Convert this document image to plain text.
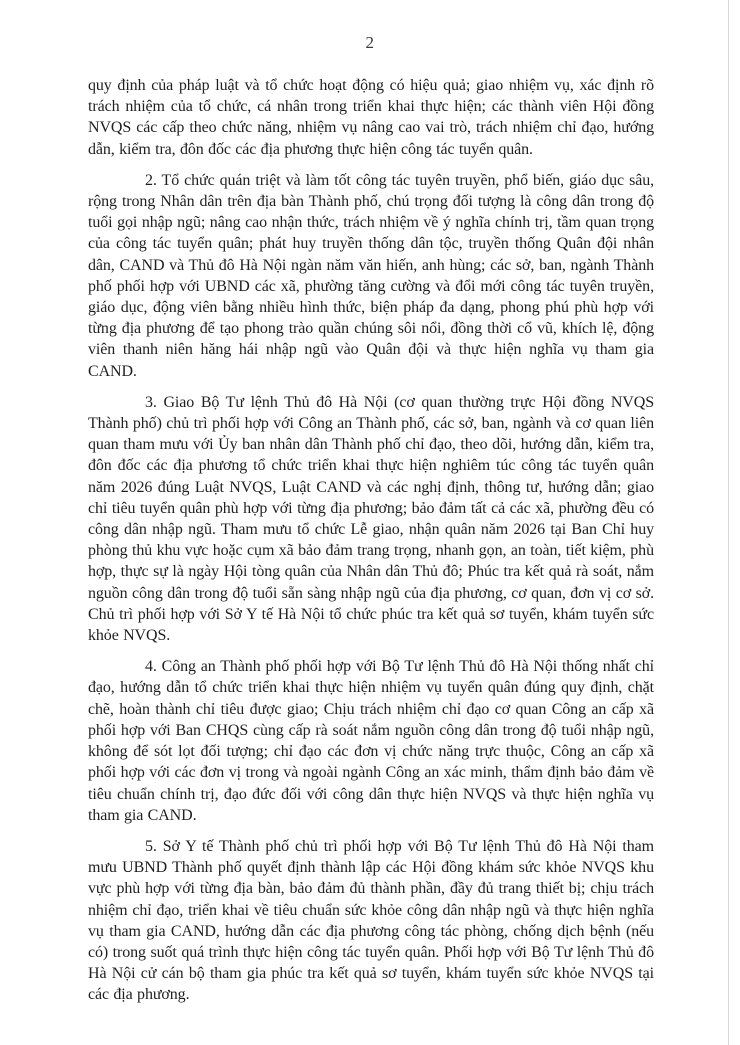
2

quy định của pháp luật và tổ chức hoạt động có hiệu quả; giao nhiệm vụ, xác định rõ trách nhiệm của tổ chức, cá nhân trong triển khai thực hiện; các thành viên Hội đồng NVQS các cấp theo chức năng, nhiệm vụ nâng cao vai trò, trách nhiệm chỉ đạo, hướng dẫn, kiểm tra, đôn đốc các địa phương thực hiện công tác tuyển quân.

2. Tổ chức quán triệt và làm tốt công tác tuyên truyền, phổ biến, giáo dục sâu, rộng trong Nhân dân trên địa bàn Thành phố, chú trọng đối tượng là công dân trong độ tuổi gọi nhập ngũ; nâng cao nhận thức, trách nhiệm về ý nghĩa chính trị, tầm quan trọng của công tác tuyển quân; phát huy truyền thống dân tộc, truyền thống Quân đội nhân dân, CAND và Thủ đô Hà Nội ngàn năm văn hiến, anh hùng; các sở, ban, ngành Thành phố phối hợp với UBND các xã, phường tăng cường và đổi mới công tác tuyên truyền, giáo dục, động viên bằng nhiều hình thức, biện pháp đa dạng, phong phú phù hợp với từng địa phương để tạo phong trào quần chúng sôi nổi, đồng thời cổ vũ, khích lệ, động viên thanh niên hăng hái nhập ngũ vào Quân đội và thực hiện nghĩa vụ tham gia CAND.

3. Giao Bộ Tư lệnh Thủ đô Hà Nội (cơ quan thường trực Hội đồng NVQS Thành phố) chủ trì phối hợp với Công an Thành phố, các sở, ban, ngành và cơ quan liên quan tham mưu với Ủy ban nhân dân Thành phố chỉ đạo, theo dõi, hướng dẫn, kiểm tra, đôn đốc các địa phương tổ chức triển khai thực hiện nghiêm túc công tác tuyển quân năm 2026 đúng Luật NVQS, Luật CAND và các nghị định, thông tư, hướng dẫn; giao chỉ tiêu tuyển quân phù hợp với từng địa phương; bảo đảm tất cả các xã, phường đều có công dân nhập ngũ. Tham mưu tổ chức Lễ giao, nhận quân năm 2026 tại Ban Chỉ huy phòng thủ khu vực hoặc cụm xã bảo đảm trang trọng, nhanh gọn, an toàn, tiết kiệm, phù hợp, thực sự là ngày Hội tòng quân của Nhân dân Thủ đô; Phúc tra kết quả rà soát, nắm nguồn công dân trong độ tuổi sẵn sàng nhập ngũ của địa phương, cơ quan, đơn vị cơ sở. Chủ trì phối hợp với Sở Y tế Hà Nội tổ chức phúc tra kết quả sơ tuyển, khám tuyển sức khỏe NVQS.

4. Công an Thành phố phối hợp với Bộ Tư lệnh Thủ đô Hà Nội thống nhất chỉ đạo, hướng dẫn tổ chức triển khai thực hiện nhiệm vụ tuyển quân đúng quy định, chặt chẽ, hoàn thành chỉ tiêu được giao; Chịu trách nhiệm chỉ đạo cơ quan Công an cấp xã phối hợp với Ban CHQS cùng cấp rà soát nắm nguồn công dân trong độ tuổi nhập ngũ, không để sót lọt đối tượng; chỉ đạo các đơn vị chức năng trực thuộc, Công an cấp xã phối hợp với các đơn vị trong và ngoài ngành Công an xác minh, thẩm định bảo đảm về tiêu chuẩn chính trị, đạo đức đối với công dân thực hiện NVQS và thực hiện nghĩa vụ tham gia CAND.

5. Sở Y tế Thành phố chủ trì phối hợp với Bộ Tư lệnh Thủ đô Hà Nội tham mưu UBND Thành phố quyết định thành lập các Hội đồng khám sức khỏe NVQS khu vực phù hợp với từng địa bàn, bảo đảm đủ thành phần, đầy đủ trang thiết bị; chịu trách nhiệm chỉ đạo, triển khai về tiêu chuẩn sức khỏe công dân nhập ngũ và thực hiện nghĩa vụ tham gia CAND, hướng dẫn các địa phương công tác phòng, chống dịch bệnh (nếu có) trong suốt quá trình thực hiện công tác tuyển quân. Phối hợp với Bộ Tư lệnh Thủ đô Hà Nội cử cán bộ tham gia phúc tra kết quả sơ tuyển, khám tuyển sức khỏe NVQS tại các địa phương.
